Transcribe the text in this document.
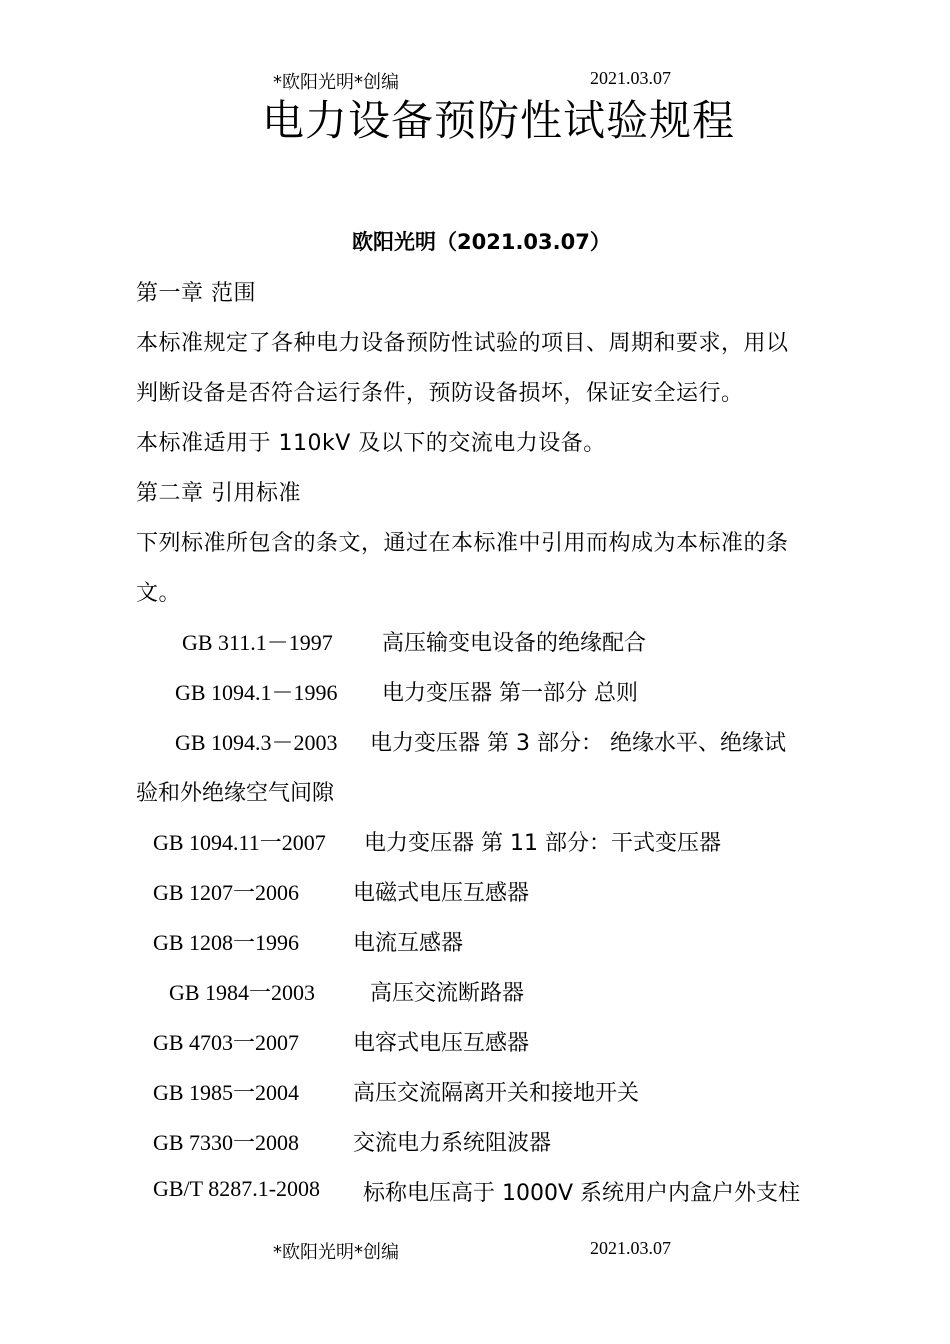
*欧阳光明*创编	2021.03.07
电力设备预防性试验规程
欧阳光明（2021.03.07）
第一章 范围
本标准规定了各种电力设备预防性试验的项目、周期和要求，用以
判断设备是否符合运行条件，预防设备损坏，保证安全运行。
本标准适用于 110kV 及以下的交流电力设备。
第二章 引用标准
下列标准所包含的条文，通过在本标准中引用而构成为本标准的条
文。
GB 311.1－1997 高压输变电设备的绝缘配合
GB 1094.1－1996 电力变压器 第一部分 总则
GB 1094.3－2003 电力变压器 第 3 部分： 绝缘水平、绝缘试
验和外绝缘空气间隙
GB 1094.11一2007 电力变压器 第 11 部分：干式变压器
GB 1207一2006 电磁式电压互感器
GB 1208一1996 电流互感器
GB 1984一2003 高压交流断路器
GB 4703一2007 电容式电压互感器
GB 1985一2004 高压交流隔离开关和接地开关
GB 7330一2008 交流电力系统阻波器
GB/T 8287.1-2008 标称电压高于 1000V 系统用户内盒户外支柱
*欧阳光明*创编	2021.03.07
